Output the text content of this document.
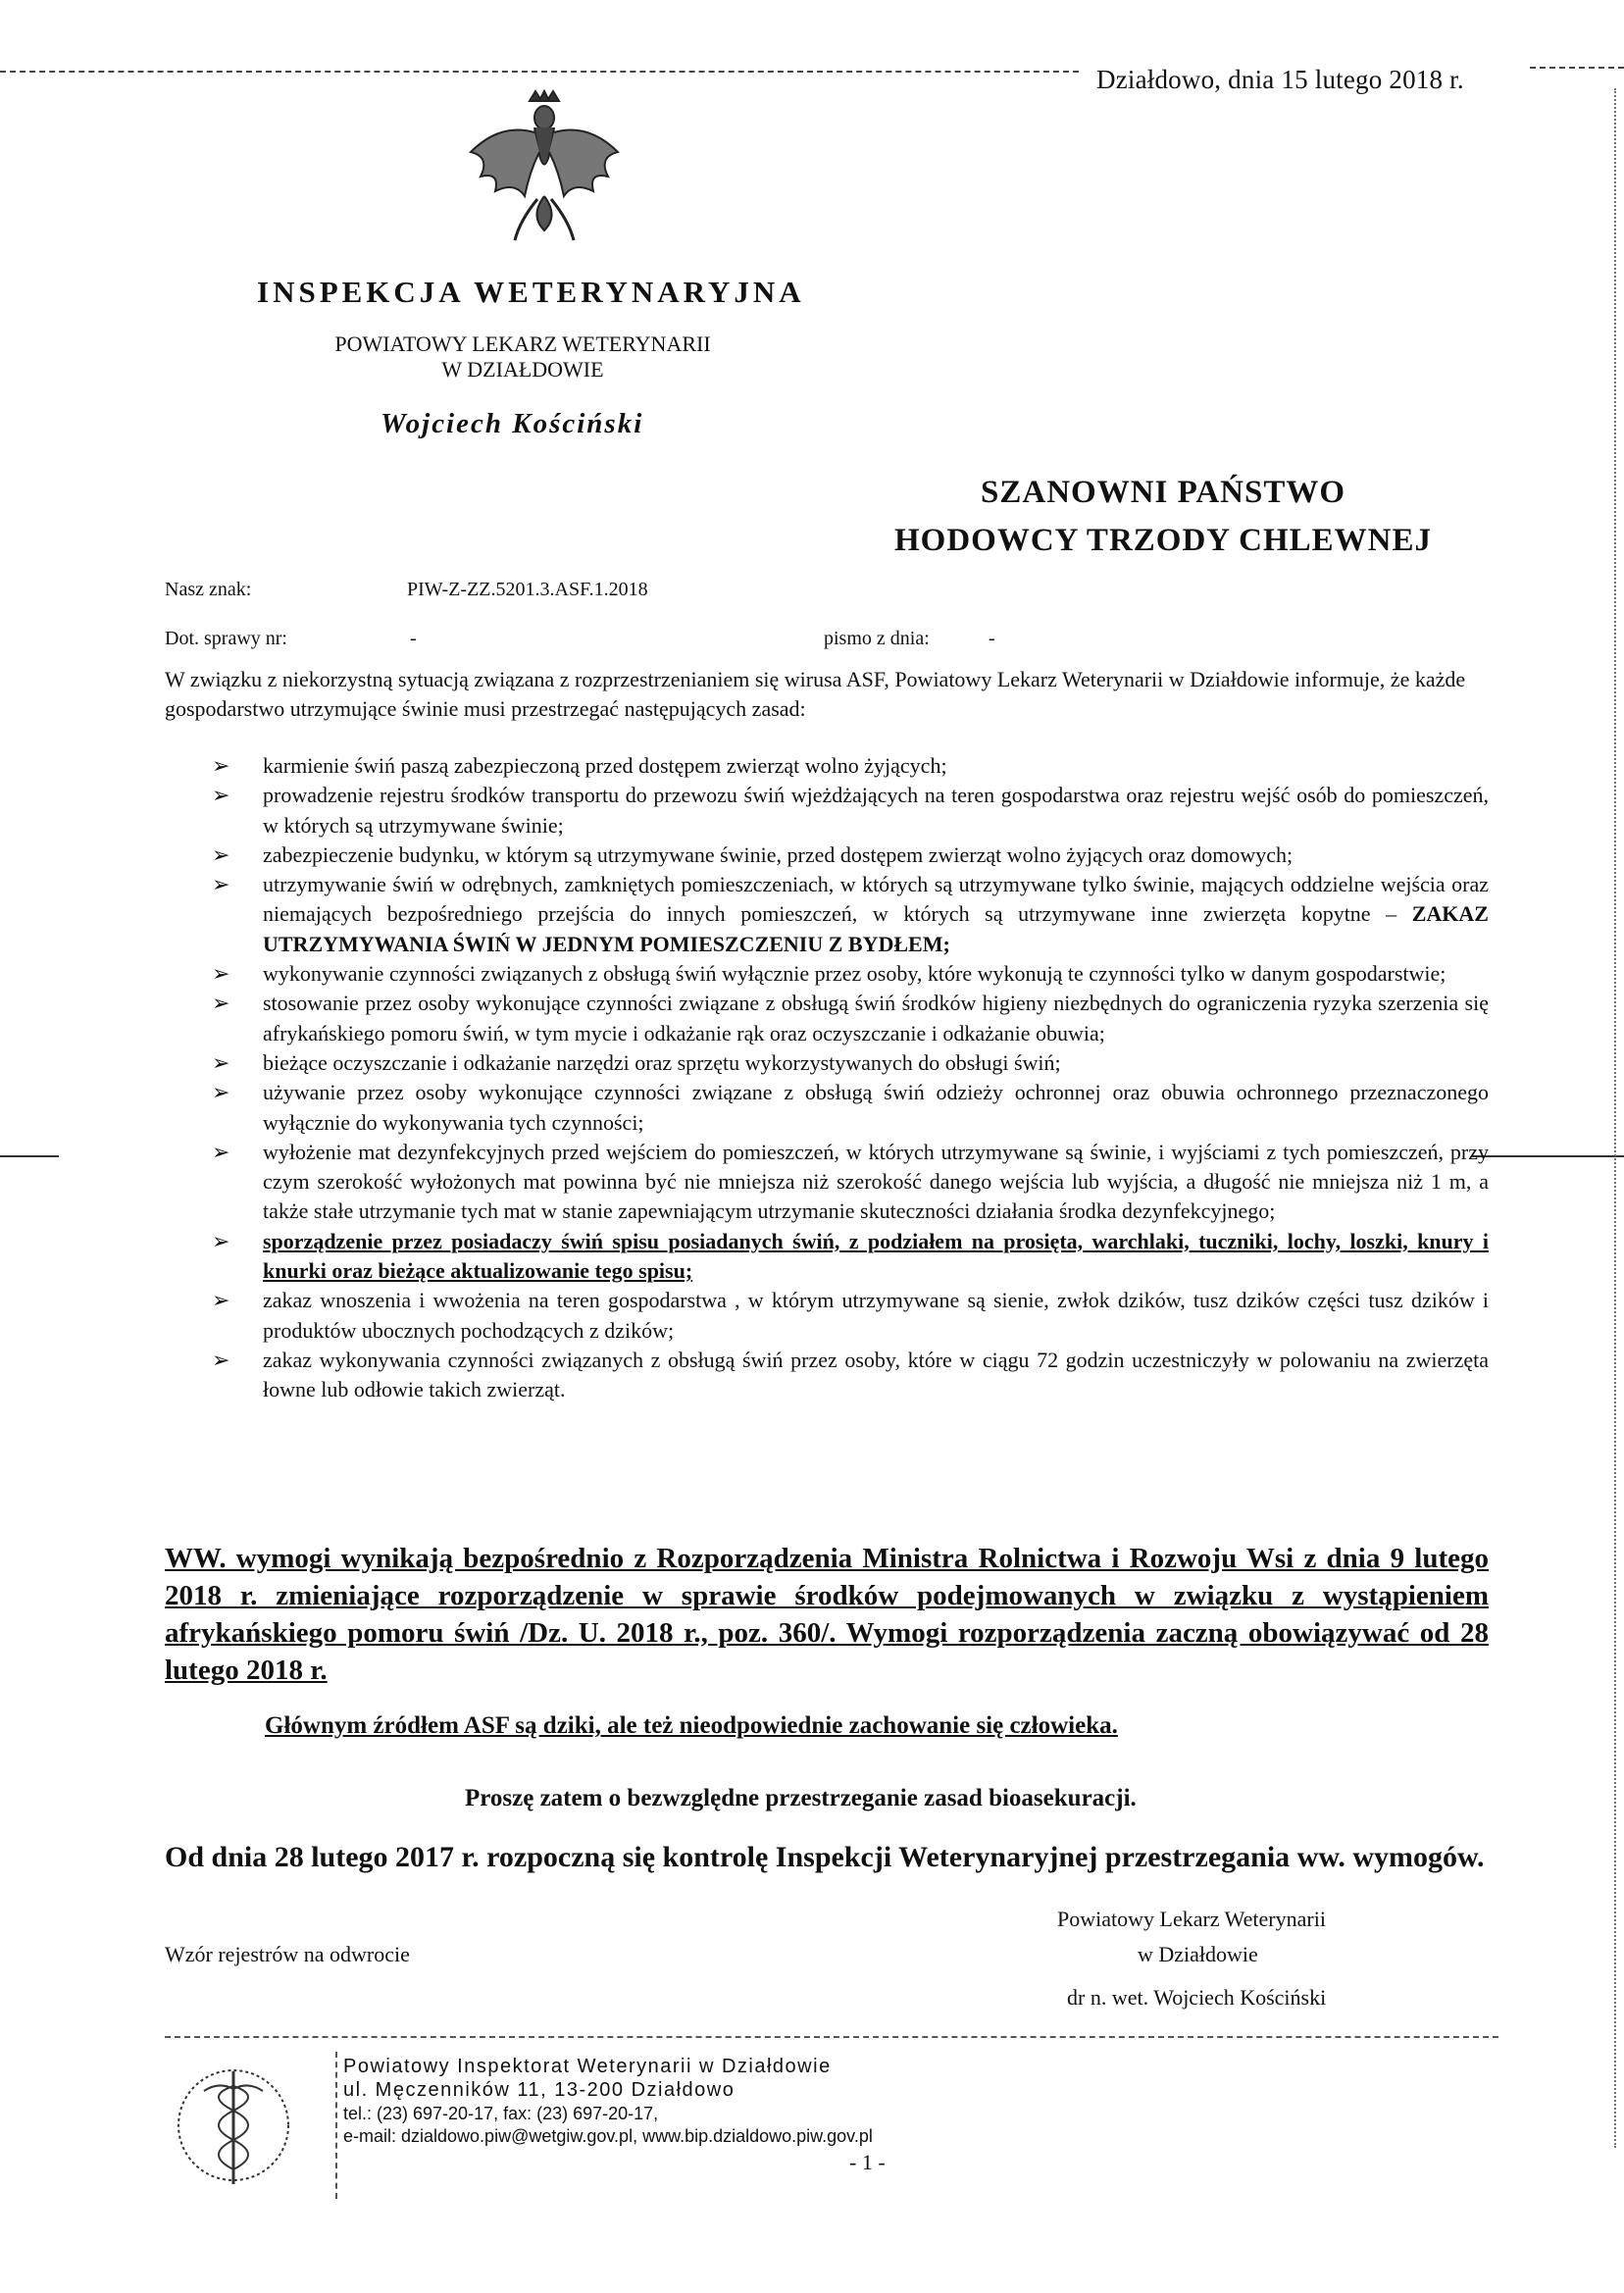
Działdowo, dnia 15 lutego 2018 r.
INSPEKCJA WETERYNARYJNA
POWIATOWY LEKARZ WETERYNARII
W DZIAŁDOWIE
Wojciech Kościński
SZANOWNI PAŃSTWO
HODOWCY TRZODY CHLEWNEJ
Nasz znak:	PIW-Z-ZZ.5201.3.ASF.1.2018
Dot. sprawy nr:	-	pismo z dnia:	-
W związku z niekorzystną sytuacją związana z rozprzestrzenianiem się wirusa ASF, Powiatowy Lekarz Weterynarii w Działdowie informuje, że każde gospodarstwo utrzymujące świnie musi przestrzegać następujących zasad:
➢ karmienie świń paszą zabezpieczoną przed dostępem zwierząt wolno żyjących;
➢ prowadzenie rejestru środków transportu do przewozu świń wjeżdżających na teren gospodarstwa oraz rejestru wejść osób do pomieszczeń, w których są utrzymywane świnie;
➢ zabezpieczenie budynku, w którym są utrzymywane świnie, przed dostępem zwierząt wolno żyjących oraz domowych;
➢ utrzymywanie świń w odrębnych, zamkniętych pomieszczeniach, w których są utrzymywane tylko świnie, mających oddzielne wejścia oraz niemających bezpośredniego przejścia do innych pomieszczeń, w których są utrzymywane inne zwierzęta kopytne – ZAKAZ UTRZYMYWANIA ŚWIŃ W JEDNYM POMIESZCZENIU Z BYDŁEM;
➢ wykonywanie czynności związanych z obsługą świń wyłącznie przez osoby, które wykonują te czynności tylko w danym gospodarstwie;
➢ stosowanie przez osoby wykonujące czynności związane z obsługą świń środków higieny niezbędnych do ograniczenia ryzyka szerzenia się afrykańskiego pomoru świń, w tym mycie i odkażanie rąk oraz oczyszczanie i odkażanie obuwia;
➢ bieżące oczyszczanie i odkażanie narzędzi oraz sprzętu wykorzystywanych do obsługi świń;
➢ używanie przez osoby wykonujące czynności związane z obsługą świń odzieży ochronnej oraz obuwia ochronnego przeznaczonego wyłącznie do wykonywania tych czynności;
➢ wyłożenie mat dezynfekcyjnych przed wejściem do pomieszczeń, w których utrzymywane są świnie, i wyjściami z tych pomieszczeń, przy czym szerokość wyłożonych mat powinna być nie mniejsza niż szerokość danego wejścia lub wyjścia, a długość nie mniejsza niż 1 m, a także stałe utrzymanie tych mat w stanie zapewniającym utrzymanie skuteczności działania środka dezynfekcyjnego;
➢ sporządzenie przez posiadaczy świń spisu posiadanych świń, z podziałem na prosięta, warchlaki, tuczniki, lochy, loszki, knury i knurki oraz bieżące aktualizowanie tego spisu;
➢ zakaz wnoszenia i wwożenia na teren gospodarstwa , w którym utrzymywane są sienie, zwłok dzików, tusz dzików części tusz dzików i produktów ubocznych pochodzących z dzików;
➢ zakaz wykonywania czynności związanych z obsługą świń przez osoby, które w ciągu 72 godzin uczestniczyły w polowaniu na zwierzęta łowne lub odłowie takich zwierząt.
WW. wymogi wynikają bezpośrednio z Rozporządzenia Ministra Rolnictwa i Rozwoju Wsi z dnia 9 lutego 2018 r. zmieniające rozporządzenie w sprawie środków podejmowanych w związku z wystąpieniem afrykańskiego pomoru świń /Dz. U. 2018 r., poz. 360/. Wymogi rozporządzenia zaczną obowiązywać od 28 lutego 2018 r.
Głównym źródłem ASF są dziki, ale też nieodpowiednie zachowanie się człowieka.
Proszę zatem o bezwzględne przestrzeganie zasad bioasekuracji.
Od dnia 28 lutego 2017 r. rozpoczną się kontrolę Inspekcji Weterynaryjnej przestrzegania ww. wymogów.
Powiatowy Lekarz Weterynarii
w Działdowie
dr n. wet. Wojciech Kościński
Wzór rejestrów na odwrocie
Powiatowy Inspektorat Weterynarii w Działdowie
ul. Męczenników 11, 13-200 Działdowo
tel.: (23) 697-20-17, fax: (23) 697-20-17,
e-mail: dzialdowo.piw@wetgiw.gov.pl, www.bip.dzialdowo.piw.gov.pl
- 1 -
